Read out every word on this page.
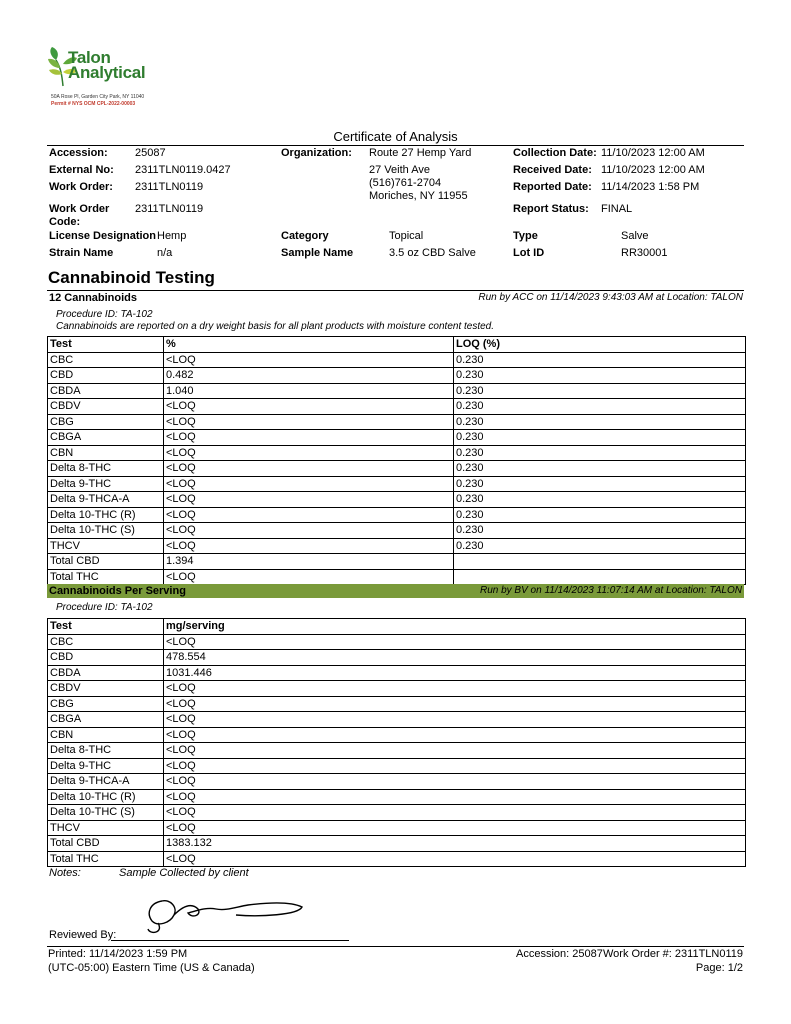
Talon
Analytical
50A Rose Pl, Garden City Park, NY 11040
Permit # NYS OCM CPL-2022-00003
Certificate of Analysis
Accession: 25087
External No: 2311TLN0119.0427
Work Order: 2311TLN0119
Work Order
Code:
2311TLN0119
License Designation Hemp
Strain Name	n/a
Organization: Route 27 Hemp Yard
27 Veith Ave
(516)761-2704
Moriches, NY 11955
Category	Topical
Sample Name	3.5 oz CBD Salve
Collection Date: 11/10/2023 12:00 AM
Received Date: 11/10/2023 12:00 AM
Reported Date: 11/14/2023 1:58 PM
Report Status: FINAL
Type	Salve
Lot ID	RR30001
Cannabinoid Testing
12 Cannabinoids	Run by ACC on 11/14/2023 9:43:03 AM at Location: TALON
Procedure ID: TA-102
Cannabinoids are reported on a dry weight basis for all plant products with moisture content tested.
Test	%	LOQ (%)
CBC	<LOQ	0.230
CBD	0.482	0.230
CBDA	1.040	0.230
CBDV	<LOQ	0.230
CBG	<LOQ	0.230
CBGA	<LOQ	0.230
CBN	<LOQ	0.230
Delta 8-THC	<LOQ	0.230
Delta 9-THC	<LOQ	0.230
Delta 9-THCA-A	<LOQ	0.230
Delta 10-THC (R)	<LOQ	0.230
Delta 10-THC (S)	<LOQ	0.230
THCV	<LOQ	0.230
Total CBD	1.394	
Total THC	<LOQ	
Cannabinoids Per Serving	Run by BV on 11/14/2023 11:07:14 AM at Location: TALON
Procedure ID: TA-102
Test	mg/serving
CBC	<LOQ
CBD	478.554
CBDA	1031.446
CBDV	<LOQ
CBG	<LOQ
CBGA	<LOQ
CBN	<LOQ
Delta 8-THC	<LOQ
Delta 9-THC	<LOQ
Delta 9-THCA-A	<LOQ
Delta 10-THC (R)	<LOQ
Delta 10-THC (S)	<LOQ
THCV	<LOQ
Total CBD	1383.132
Total THC	<LOQ
Notes:	Sample Collected by client
Reviewed By:
Printed: 11/14/2023 1:59 PM
(UTC-05:00) Eastern Time (US & Canada)
Accession: 25087 Work Order #: 2311TLN0119
Page: 1/2
